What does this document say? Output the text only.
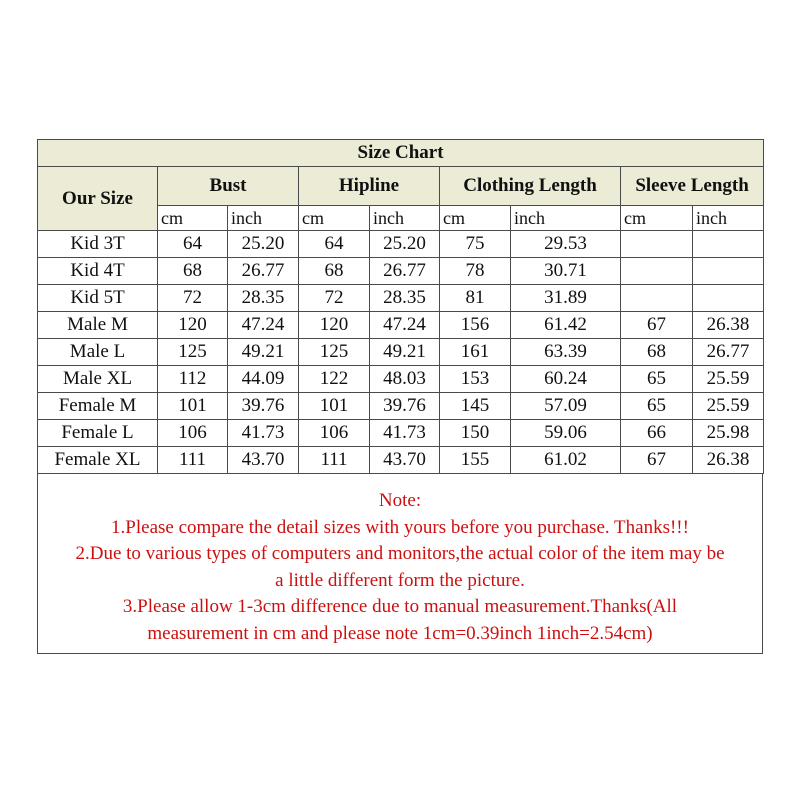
Size Chart								
Our Size	Bust		Hipline		Clothing Length		Sleeve Length	
	cm	inch	cm	inch	cm	inch	cm	inch
Kid 3T	64	25.20	64	25.20	75	29.53		
Kid 4T	68	26.77	68	26.77	78	30.71		
Kid 5T	72	28.35	72	28.35	81	31.89		
Male M	120	47.24	120	47.24	156	61.42	67	26.38
Male L	125	49.21	125	49.21	161	63.39	68	26.77
Male XL	112	44.09	122	48.03	153	60.24	65	25.59
Female M	101	39.76	101	39.76	145	57.09	65	25.59
Female L	106	41.73	106	41.73	150	59.06	66	25.98
Female XL	111	43.70	111	43.70	155	61.02	67	26.38
Note:
1.Please compare the detail sizes with yours before you purchase. Thanks!!!
2.Due to various types of computers and monitors,the actual color of the item may be
a little different form the picture.
3.Please allow 1-3cm difference due to manual measurement.Thanks(All
measurement in cm and please note 1cm=0.39inch 1inch=2.54cm)
